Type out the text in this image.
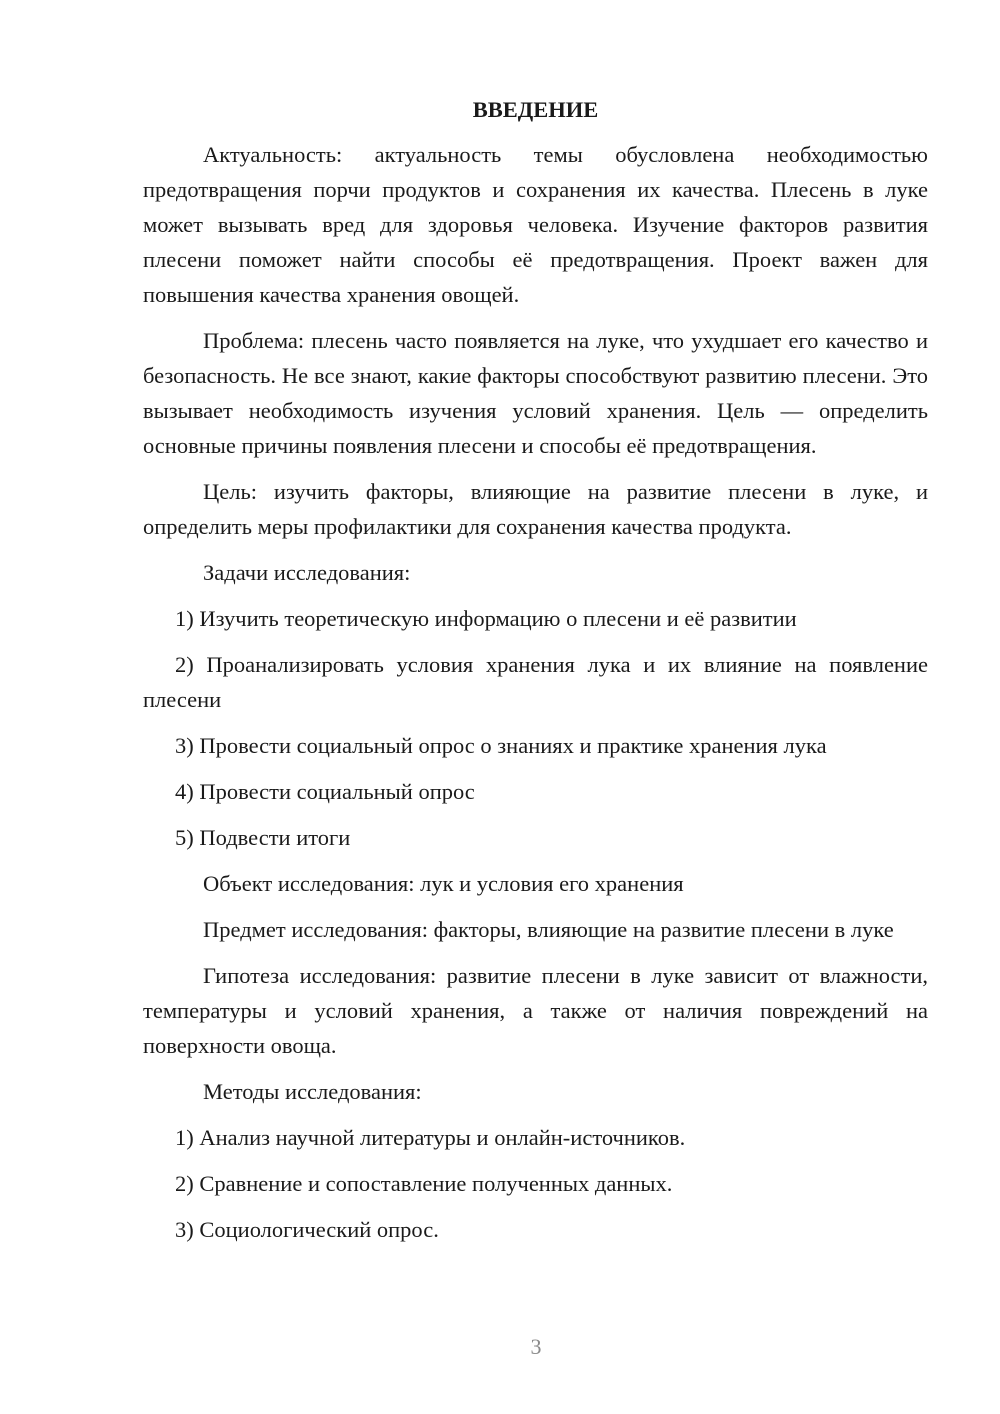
ВВЕДЕНИЕ

Актуальность: актуальность темы обусловлена необходимостью предотвращения порчи продуктов и сохранения их качества. Плесень в луке может вызывать вред для здоровья человека. Изучение факторов развития плесени поможет найти способы её предотвращения. Проект важен для повышения качества хранения овощей.

Проблема: плесень часто появляется на луке, что ухудшает его качество и безопасность. Не все знают, какие факторы способствуют развитию плесени. Это вызывает необходимость изучения условий хранения. Цель — определить основные причины появления плесени и способы её предотвращения.

Цель: изучить факторы, влияющие на развитие плесени в луке, и определить меры профилактики для сохранения качества продукта.

Задачи исследования:

1) Изучить теоретическую информацию о плесени и её развитии

2) Проанализировать условия хранения лука и их влияние на появление плесени

3) Провести социальный опрос о знаниях и практике хранения лука

4) Провести социальный опрос

5) Подвести итоги

Объект исследования: лук и условия его хранения

Предмет исследования: факторы, влияющие на развитие плесени в луке

Гипотеза исследования: развитие плесени в луке зависит от влажности, температуры и условий хранения, а также от наличия повреждений на поверхности овоща.

Методы исследования:

1) Анализ научной литературы и онлайн-источников.

2) Сравнение и сопоставление полученных данных.

3) Социологический опрос.

3
